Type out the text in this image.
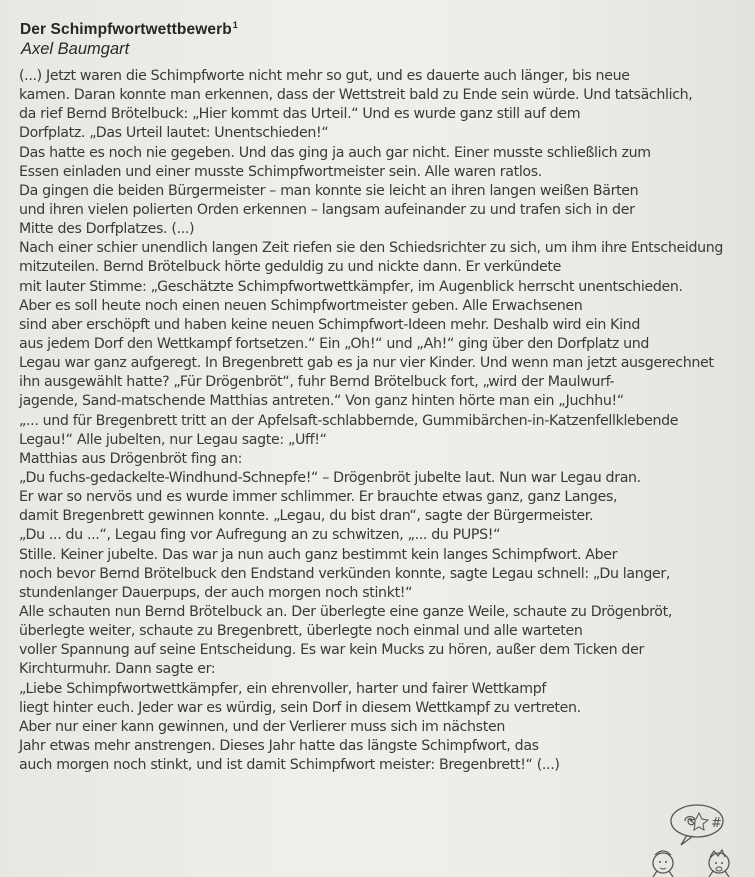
Der Schimpfwortwettbewerb$^1$
Axel Baumgart
(...) Jetzt waren die Schimpfworte nicht mehr so gut, und es dauerte auch länger, bis neue
kamen. Daran konnte man erkennen, dass der Wettstreit bald zu Ende sein würde. Und tatsächlich,
da rief Bernd Brötelbuck: „Hier kommt das Urteil.“ Und es wurde ganz still auf dem
Dorfplatz. „Das Urteil lautet: Unentschieden!“
Das hatte es noch nie gegeben. Und das ging ja auch gar nicht. Einer musste schließlich zum
Essen einladen und einer musste Schimpfwortmeister sein. Alle waren ratlos.
Da gingen die beiden Bürgermeister – man konnte sie leicht an ihren langen weißen Bärten
und ihren vielen polierten Orden erkennen – langsam aufeinander zu und trafen sich in der
Mitte des Dorfplatzes. (...)
Nach einer schier unendlich langen Zeit riefen sie den Schiedsrichter zu sich, um ihm ihre Entscheidung
mitzuteilen. Bernd Brötelbuck hörte geduldig zu und nickte dann. Er verkündete
mit lauter Stimme: „Geschätzte Schimpfwortwettkämpfer, im Augenblick herrscht unentschieden.
Aber es soll heute noch einen neuen Schimpfwortmeister geben. Alle Erwachsenen
sind aber erschöpft und haben keine neuen Schimpfwort-Ideen mehr. Deshalb wird ein Kind
aus jedem Dorf den Wettkampf fortsetzen.“ Ein „Oh!“ und „Ah!“ ging über den Dorfplatz und
Legau war ganz aufgeregt. In Bregenbrett gab es ja nur vier Kinder. Und wenn man jetzt ausgerechnet
ihn ausgewählt hatte? „Für Drögenbröt“, fuhr Bernd Brötelbuck fort, „wird der Maulwurf-
jagende, Sand-matschende Matthias antreten.“ Von ganz hinten hörte man ein „Juchhu!“
„... und für Bregenbrett tritt an der Apfelsaft-schlabbernde, Gummibärchen-in-Katzenfellklebende
Legau!“ Alle jubelten, nur Legau sagte: „Uff!“
Matthias aus Drögenbröt fing an:
„Du fuchs-gedackelte-Windhund-Schnepfe!“ – Drögenbröt jubelte laut. Nun war Legau dran.
Er war so nervös und es wurde immer schlimmer. Er brauchte etwas ganz, ganz Langes,
damit Bregenbrett gewinnen konnte. „Legau, du bist dran“, sagte der Bürgermeister.
„Du ... du ...“, Legau fing vor Aufregung an zu schwitzen, „... du PUPS!“
Stille. Keiner jubelte. Das war ja nun auch ganz bestimmt kein langes Schimpfwort. Aber
noch bevor Bernd Brötelbuck den Endstand verkünden konnte, sagte Legau schnell: „Du langer,
stundenlanger Dauerpups, der auch morgen noch stinkt!“
Alle schauten nun Bernd Brötelbuck an. Der überlegte eine ganze Weile, schaute zu Drögenbröt,
überlegte weiter, schaute zu Bregenbrett, überlegte noch einmal und alle warteten
voller Spannung auf seine Entscheidung. Es war kein Mucks zu hören, außer dem Ticken der
Kirchturmuhr. Dann sagte er:
„Liebe Schimpfwortwettkämpfer, ein ehrenvoller, harter und fairer Wettkampf
liegt hinter euch. Jeder war es würdig, sein Dorf in diesem Wettkampf zu vertreten.
Aber nur einer kann gewinnen, und der Verlierer muss sich im nächsten
Jahr etwas mehr anstrengen. Dieses Jahr hatte das längste Schimpfwort, das
auch morgen noch stinkt, und ist damit Schimpfwort meister: Bregenbrett!“ (...)
#
